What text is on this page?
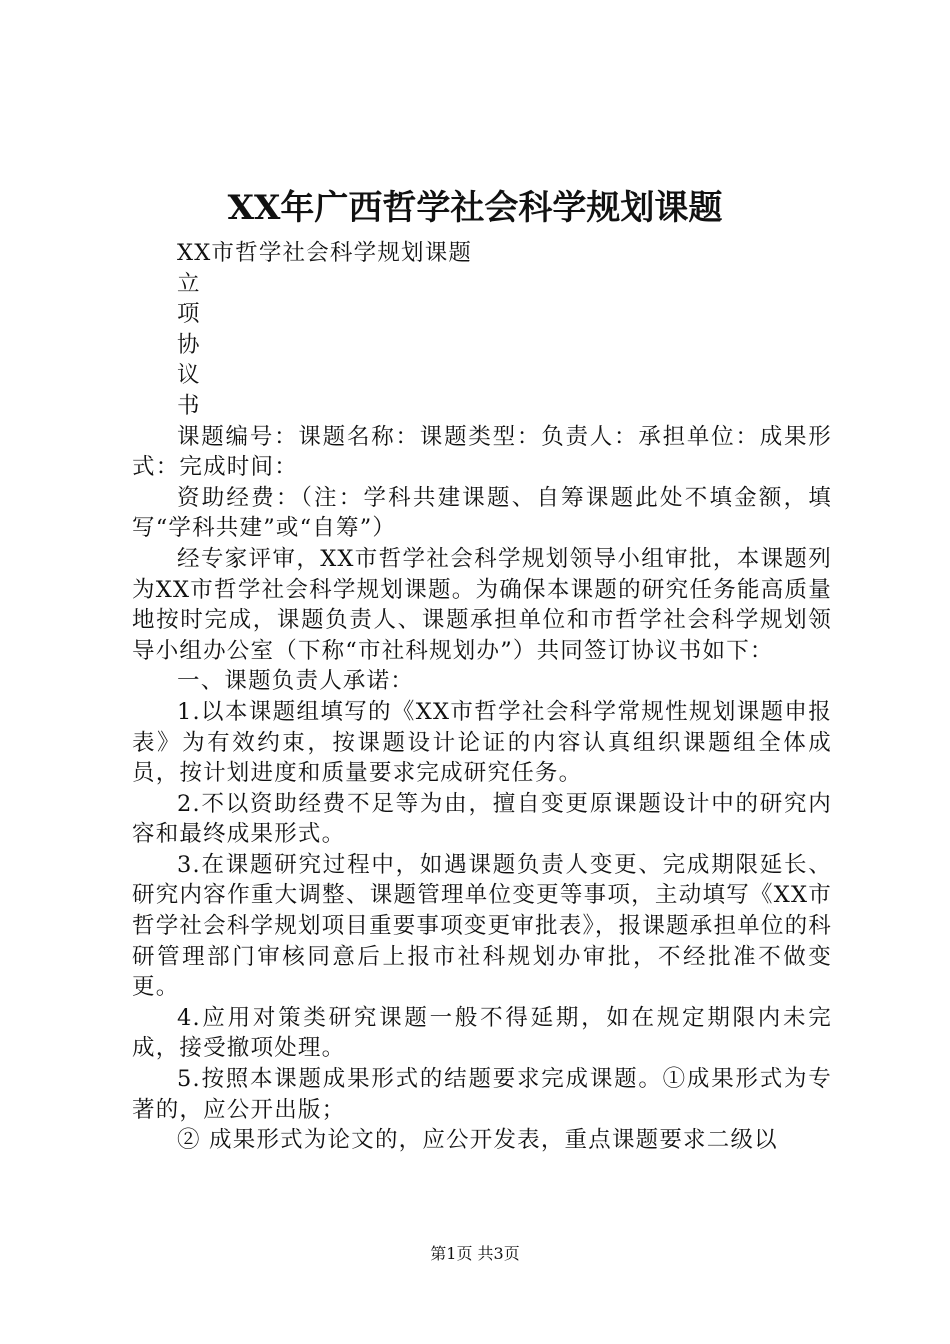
XX年广西哲学社会科学规划课题

XX市哲学社会科学规划课题

立

项

协

议

书

课题编号：课题名称：课题类型：负责人：承担单位：成果形式：完成时间：

资助经费：（注：学科共建课题、自筹课题此处不填金额，填写“学科共建”或“自筹”）

经专家评审，XX市哲学社会科学规划领导小组审批，本课题列为XX市哲学社会科学规划课题。为确保本课题的研究任务能高质量地按时完成，课题负责人、课题承担单位和市哲学社会科学规划领导小组办公室（下称“市社科规划办”）共同签订协议书如下：

一、课题负责人承诺：

1.以本课题组填写的《XX市哲学社会科学常规性规划课题申报表》为有效约束，按课题设计论证的内容认真组织课题组全体成员，按计划进度和质量要求完成研究任务。

2.不以资助经费不足等为由，擅自变更原课题设计中的研究内容和最终成果形式。

3.在课题研究过程中，如遇课题负责人变更、完成期限延长、研究内容作重大调整、课题管理单位变更等事项，主动填写《XX市哲学社会科学规划项目重要事项变更审批表》，报课题承担单位的科研管理部门审核同意后上报市社科规划办审批，不经批准不做变更。

4.应用对策类研究课题一般不得延期，如在规定期限内未完成，接受撤项处理。

5.按照本课题成果形式的结题要求完成课题。①成果形式为专著的，应公开出版；

② 成果形式为论文的，应公开发表，重点课题要求二级以

第1页 共3页
